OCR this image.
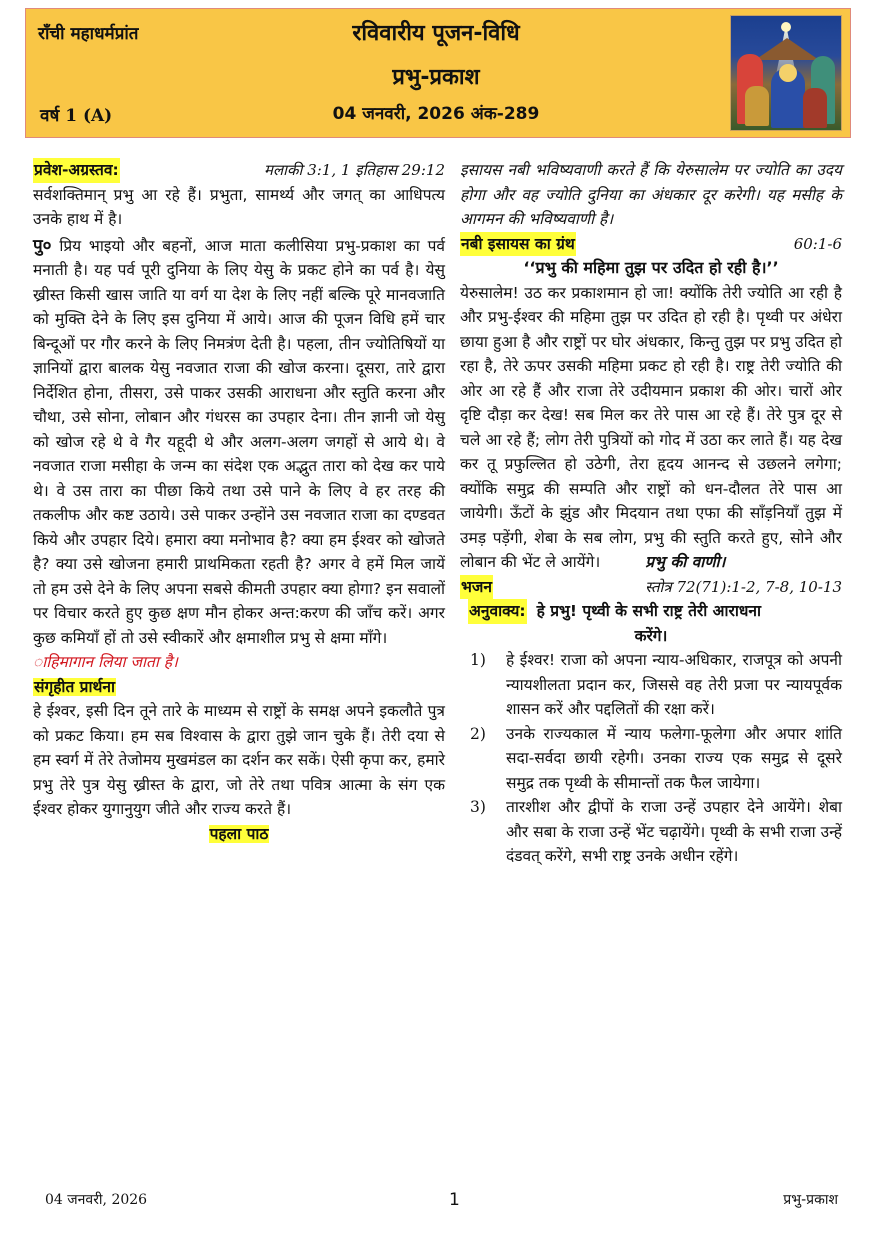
राँची महाधर्मप्रांत
वर्ष 1 (A)
रविवारीय पूजन-विधि
प्रभु-प्रकाश
04 जनवरी, 2026 अंक-289
प्रवेश-अग्रस्तव:	मलाकी 3:1, 1 इतिहास 29:12
सर्वशक्तिमान् प्रभु आ रहे हैं। प्रभुता, सामर्थ्य और जगत् का आधिपत्य उनके हाथ में है।
पु० प्रिय भाइयो और बहनों, आज माता कलीसिया प्रभु-प्रकाश का पर्व मनाती है। यह पर्व पूरी दुनिया के लिए येसु के प्रकट होने का पर्व है। येसु ख्रीस्त किसी खास जाति या वर्ग या देश के लिए नहीं बल्कि पूरे मानवजाति को मुक्ति देने के लिए इस दुनिया में आये। आज की पूजन विधि हमें चार बिन्दूओं पर गौर करने के लिए निमत्रंण देती है। पहला, तीन ज्योतिषियों या ज्ञानियों द्वारा बालक येसु नवजात राजा की खोज करना। दूसरा, तारे द्वारा निर्देशित होना, तीसरा, उसे पाकर उसकी आराधना और स्तुति करना और चौथा, उसे सोना, लोबान और गंधरस का उपहार देना। तीन ज्ञानी जो येसु को खोज रहे थे वे गैर यहूदी थे और अलग-अलग जगहों से आये थे। वे नवजात राजा मसीहा के जन्म का संदेश एक अद्भुत तारा को देख कर पाये थे। वे उस तारा का पीछा किये तथा उसे पाने के लिए वे हर तरह की तकलीफ और कष्ट उठाये। उसे पाकर उन्होंने उस नवजात राजा का दण्डवत किये और उपहार दिये। हमारा क्या मनोभाव है? क्या हम ईश्वर को खोजते है? क्या उसे खोजना हमारी प्राथमिकता रहती है? अगर वे हमें मिल जायें तो हम उसे देने के लिए अपना सबसे कीमती उपहार क्या होगा? इन सवालों पर विचार करते हुए कुछ क्षण मौन होकर अन्त:करण की जाँच करें। अगर कुछ कमियाँ हों तो उसे स्वीकारें और क्षमाशील प्रभु से क्षमा माँगे।
ाहिमागान लिया जाता है।
संगृहीत प्रार्थना
हे ईश्वर, इसी दिन तूने तारे के माध्यम से राष्ट्रों के समक्ष अपने इकलौते पुत्र को प्रकट किया। हम सब विश्वास के द्वारा तुझे जान चुके हैं। तेरी दया से हम स्वर्ग में तेरे तेजोमय मुखमंडल का दर्शन कर सकें। ऐसी कृपा कर, हमारे प्रभु तेरे पुत्र येसु ख्रीस्त के द्वारा, जो तेरे तथा पवित्र आत्मा के संग एक ईश्वर होकर युगानुयुग जीते और राज्य करते हैं।
पहला पाठ
इसायस नबी भविष्यवाणी करते हैं कि येरुसालेम पर ज्योति का उदय होगा और वह ज्योति दुनिया का अंधकार दूर करेगी। यह मसीह के आगमन की भविष्यवाणी है।
नबी इसायस का ग्रंथ	60:1-6
‘‘प्रभु की महिमा तुझ पर उदित हो रही है।’’
येरुसालेम! उठ कर प्रकाशमान हो जा! क्योंकि तेरी ज्योति आ रही है और प्रभु-ईश्वर की महिमा तुझ पर उदित हो रही है। पृथ्वी पर अंधेरा छाया हुआ है और राष्ट्रों पर घोर अंधकार, किन्तु तुझ पर प्रभु उदित हो रहा है, तेरे ऊपर उसकी महिमा प्रकट हो रही है। राष्ट्र तेरी ज्योति की ओर आ रहे हैं और राजा तेरे उदीयमान प्रकाश की ओर। चारों ओर दृष्टि दौड़ा कर देख! सब मिल कर तेरे पास आ रहे हैं। तेरे पुत्र दूर से चले आ रहे हैं; लोग तेरी पुत्रियों को गोद में उठा कर लाते हैं। यह देख कर तू प्रफुल्लित हो उठेगी, तेरा हृदय आनन्द से उछलने लगेगा; क्योंकि समुद्र की सम्पति और राष्ट्रों को धन-दौलत तेरे पास आ जायेगी। ऊँटों के झुंड और मिदयान तथा एफा की साँड़नियाँ तुझ में उमड़ पड़ेंगी, शेबा के सब लोग, प्रभु की स्तुति करते हुए, सोने और लोबान की भेंट ले आयेंगे।	प्रभु की वाणी।
भजन	स्तोत्र 72(71):1-2, 7-8, 10-13
अनुवाक्य: हे प्रभु! पृथ्वी के सभी राष्ट्र तेरी आराधना
करेंगे।
1)	हे ईश्वर! राजा को अपना न्याय-अधिकार, राजपूत्र को अपनी न्यायशीलता प्रदान कर, जिससे वह तेरी प्रजा पर न्यायपूर्वक शासन करें और पद्दलितों की रक्षा करें।
2)	उनके राज्यकाल में न्याय फलेगा-फूलेगा और अपार शांति सदा-सर्वदा छायी रहेगी। उनका राज्य एक समुद्र से दूसरे समुद्र तक पृथ्वी के सीमान्तों तक फैल जायेगा।
3)	तारशीश और द्वीपों के राजा उन्हें उपहार देने आयेंगे। शेबा और सबा के राजा उन्हें भेंट चढ़ायेंगे। पृथ्वी के सभी राजा उन्हें दंडवत् करेंगे, सभी राष्ट्र उनके अधीन रहेंगे।
04 जनवरी, 2026	1	प्रभु-प्रकाश
